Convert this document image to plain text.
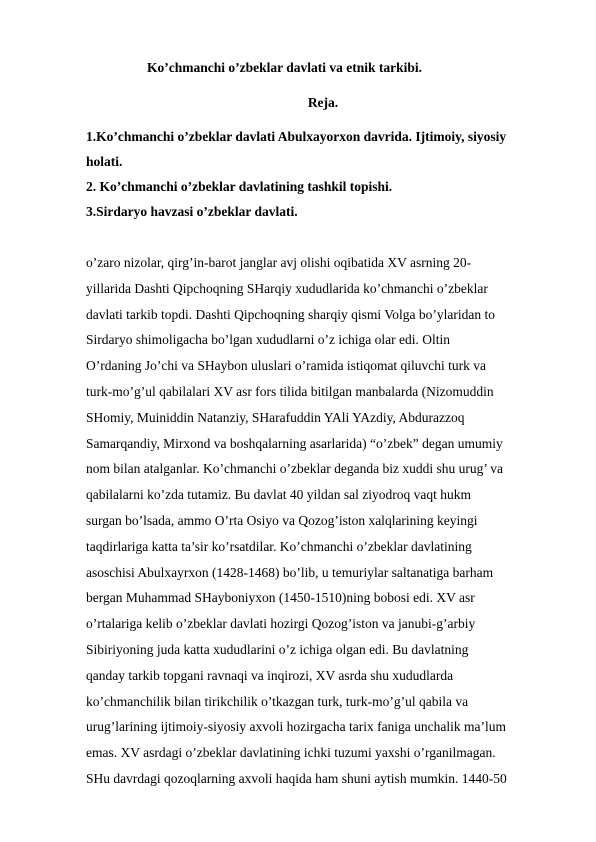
Ko’chmanchi o’zbeklar davlati va etnik tarkibi.
Reja.
1.Ko’chmanchi o’zbeklar davlati Abulxayorxon davrida. Ijtimoiy, siyosiy
holati.
2. Ko’chmanchi o’zbeklar davlatining tashkil topishi.
3.Sirdaryo havzasi o’zbeklar davlati.
o’zaro nizolar, qirg’in-barot janglar avj olishi oqibatida XV asrning 20-
yillarida Dashti Qipchoqning SHarqiy xududlarida ko’chmanchi o’zbeklar
davlati tarkib topdi. Dashti Qipchoqning sharqiy qismi Volga bo’ylaridan to
Sirdaryo shimoligacha bo’lgan xududlarni o’z ichiga olar edi. Oltin
O’rdaning Jo’chi va SHaybon uluslari o’ramida istiqomat qiluvchi turk va
turk-mo’g’ul qabilalari XV asr fors tilida bitilgan manbalarda (Nizomuddin
SHomiy, Muiniddin Natanziy, SHarafuddin YAli YAzdiy, Abdurazzoq
Samarqandiy, Mirxond va boshqalarning asarlarida) “o’zbek” degan umumiy
nom bilan atalganlar. Ko’chmanchi o’zbeklar deganda biz xuddi shu urug’ va
qabilalarni ko’zda tutamiz. Bu davlat 40 yildan sal ziyodroq vaqt hukm
surgan bo’lsada, ammo O’rta Osiyo va Qozog’iston xalqlarining keyingi
taqdirlariga katta ta’sir ko’rsatdilar. Ko’chmanchi o’zbeklar davlatining
asoschisi Abulxayrxon (1428-1468) bo’lib, u temuriylar saltanatiga barham
bergan Muhammad SHayboniyxon (1450-1510)ning bobosi edi. XV asr
o’rtalariga kelib o’zbeklar davlati hozirgi Qozog’iston va janubi-g’arbiy
Sibiriyoning juda katta xududlarini o’z ichiga olgan edi. Bu davlatning
qanday tarkib topgani ravnaqi va inqirozi, XV asrda shu xududlarda
ko’chmanchilik bilan tirikchilik o’tkazgan turk, turk-mo’g’ul qabila va
urug’larining ijtimoiy-siyosiy axvoli hozirgacha tarix faniga unchalik ma’lum
emas. XV asrdagi o’zbeklar davlatining ichki tuzumi yaxshi o’rganilmagan.
SHu davrdagi qozoqlarning axvoli haqida ham shuni aytish mumkin. 1440-50
